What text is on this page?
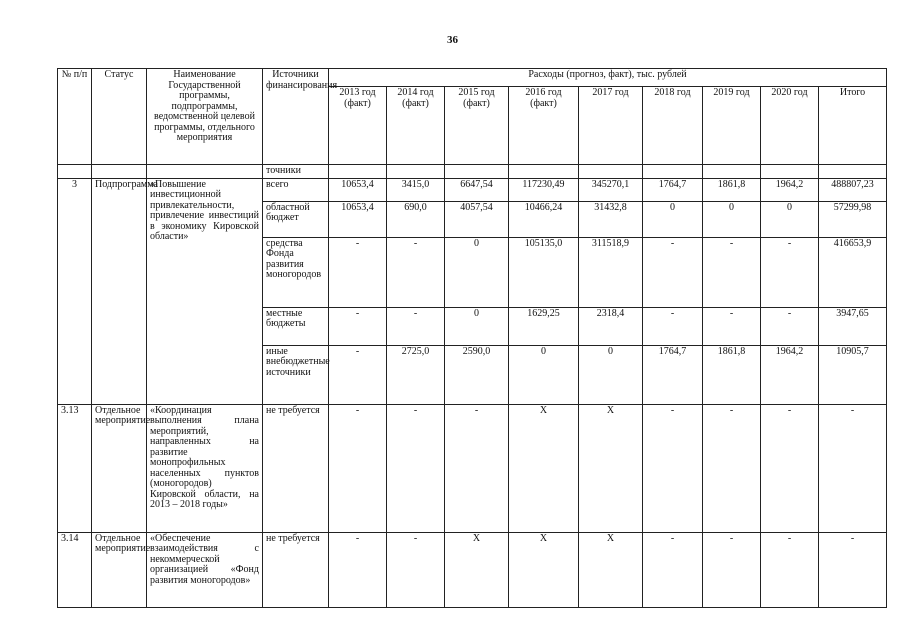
36
№ п/п	Статус	Наименование Государственной программы, подпрограммы, ведомственной целевой программы, отдельного мероприятия	Источники финансирования	Расходы (прогноз, факт), тыс. рублей								
				2013 год (факт)	2014 год (факт)	2015 год (факт)	2016 год (факт)	2017 год	2018 год	2019 год	2020 год	Итого
			точники									
3	Подпрограмма	«Повышение инвестиционной привлекательности, привлечение инвестиций в экономику Кировской области»	всего	10653,4	3415,0	6647,54	117230,49	345270,1	1764,7	1861,8	1964,2	488807,23
			областной бюджет	10653,4	690,0	4057,54	10466,24	31432,8	0	0	0	57299,98
			средства Фонда развития моногородов	-	-	0	105135,0	311518,9	-	-	-	416653,9
			местные бюджеты	-	-	0	1629,25	2318,4	-	-	-	3947,65
			иные внебюджетные источники	-	2725,0	2590,0	0	0	1764,7	1861,8	1964,2	10905,7
3.13	Отдельное мероприятие	«Координация выполнения плана мероприятий, направленных на развитие монопрофильных населенных пунктов (моногородов) Кировской области, на 2013 – 2018 годы»	не требуется	-	-	-	X	X	-	-	-	-
3.14	Отдельное мероприятие	«Обеспечение взаимодействия с некоммерческой организацией «Фонд развития моногородов»	не требуется	-	-	X	X	X	-	-	-	-
